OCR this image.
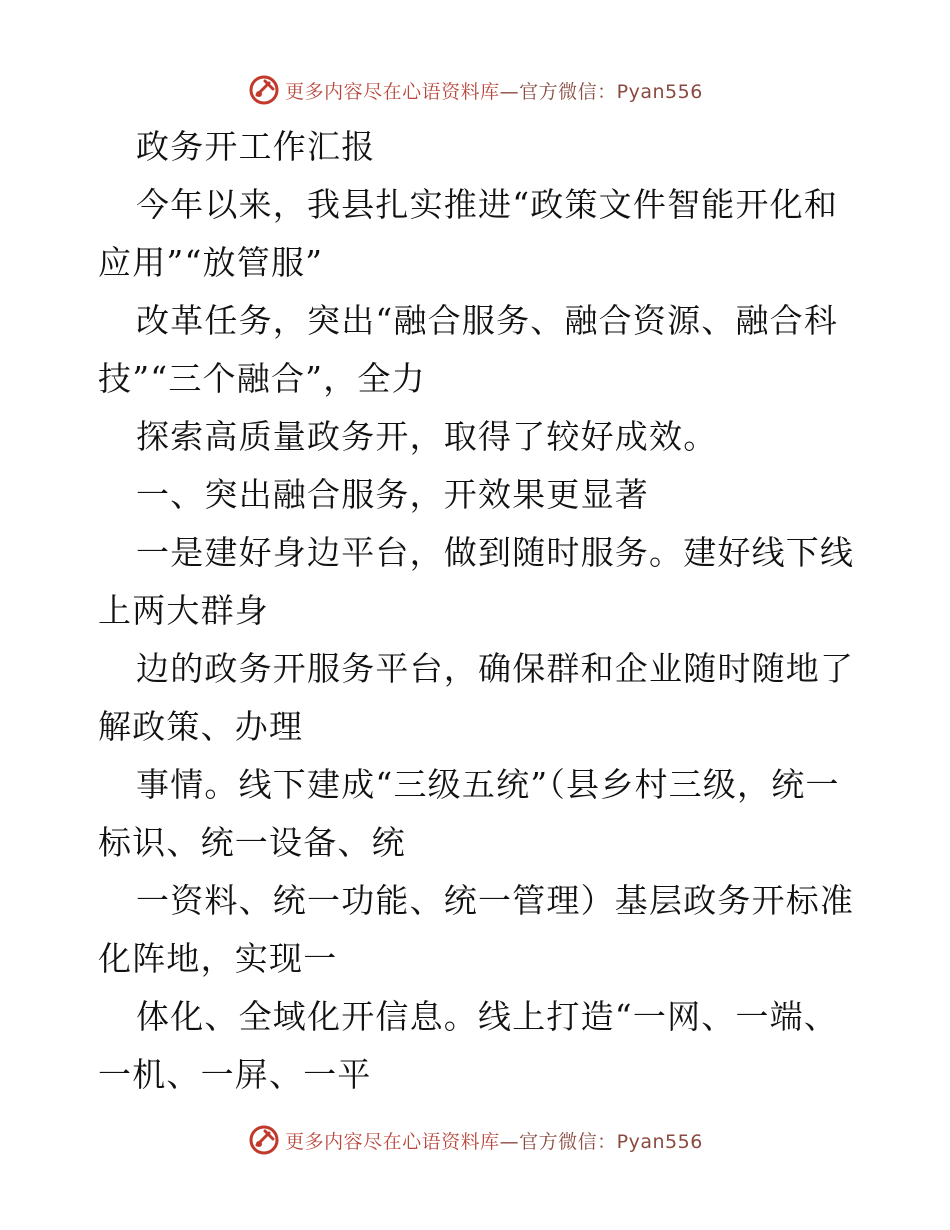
更多内容尽在心语资料库—官方微信：Pyan556

政务开工作汇报

今年以来，我县扎实推进“政策文件智能开化和应用”“放管服”

改革任务，突出“融合服务、融合资源、融合科技”“三个融合”，全力

探索高质量政务开，取得了较好成效。

一、突出融合服务，开效果更显著

一是建好身边平台，做到随时服务。建好线下线上两大群身

边的政务开服务平台，确保群和企业随时随地了解政策、办理

事情。线下建成“三级五统”（县乡村三级，统一标识、统一设备、统

一资料、统一功能、统一管理）基层政务开标准化阵地，实现一

体化、全域化开信息。线上打造“一网、一端、一机、一屏、一平

更多内容尽在心语资料库—官方微信：Pyan556
